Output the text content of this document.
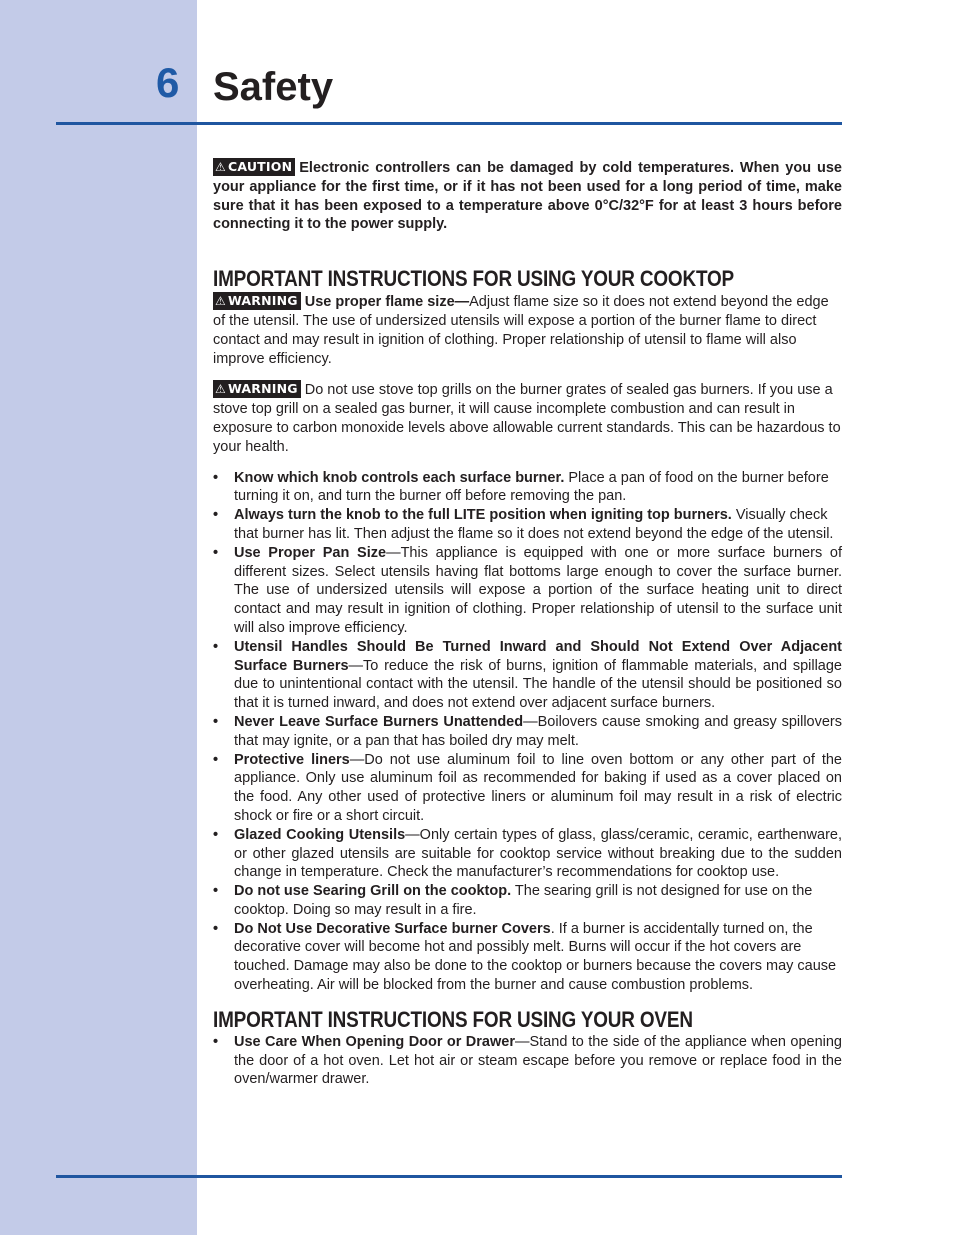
6 Safety

⚠ CAUTION Electronic controllers can be damaged by cold temperatures. When you use your appliance for the first time, or if it has not been used for a long period of time, make sure that it has been exposed to a temperature above 0°C/32°F for at least 3 hours before connecting it to the power supply.

IMPORTANT INSTRUCTIONS FOR USING YOUR COOKTOP

⚠ WARNING Use proper flame size—Adjust flame size so it does not extend beyond the edge of the utensil. The use of undersized utensils will expose a portion of the burner flame to direct contact and may result in ignition of clothing. Proper relationship of utensil to flame will also improve efficiency.

⚠ WARNING Do not use stove top grills on the burner grates of sealed gas burners. If you use a stove top grill on a sealed gas burner, it will cause incomplete combustion and can result in exposure to carbon monoxide levels above allowable current standards. This can be hazardous to your health.

• Know which knob controls each surface burner. Place a pan of food on the burner before turning it on, and turn the burner off before removing the pan.
• Always turn the knob to the full LITE position when igniting top burners. Visually check that burner has lit. Then adjust the flame so it does not extend beyond the edge of the utensil.
• Use Proper Pan Size—This appliance is equipped with one or more surface burners of different sizes. Select utensils having flat bottoms large enough to cover the surface burner. The use of undersized utensils will expose a portion of the surface heating unit to direct contact and may result in ignition of clothing. Proper relationship of utensil to the surface unit will also improve efficiency.
• Utensil Handles Should Be Turned Inward and Should Not Extend Over Adjacent Surface Burners—To reduce the risk of burns, ignition of flammable materials, and spillage due to unintentional contact with the utensil. The handle of the utensil should be positioned so that it is turned inward, and does not extend over adjacent surface burners.
• Never Leave Surface Burners Unattended—Boilovers cause smoking and greasy spillovers that may ignite, or a pan that has boiled dry may melt.
• Protective liners—Do not use aluminum foil to line oven bottom or any other part of the appliance. Only use aluminum foil as recommended for baking if used as a cover placed on the food. Any other used of protective liners or aluminum foil may result in a risk of electric shock or fire or a short circuit.
• Glazed Cooking Utensils—Only certain types of glass, glass/ceramic, ceramic, earthenware, or other glazed utensils are suitable for cooktop service without breaking due to the sudden change in temperature. Check the manufacturer’s recommendations for cooktop use.
• Do not use Searing Grill on the cooktop. The searing grill is not designed for use on the cooktop. Doing so may result in a fire.
• Do Not Use Decorative Surface burner Covers. If a burner is accidentally turned on, the decorative cover will become hot and possibly melt. Burns will occur if the hot covers are touched. Damage may also be done to the cooktop or burners because the covers may cause overheating. Air will be blocked from the burner and cause combustion problems.
IMPORTANT INSTRUCTIONS FOR USING YOUR OVEN
• Use Care When Opening Door or Drawer—Stand to the side of the appliance when opening the door of a hot oven. Let hot air or steam escape before you remove or replace food in the oven/warmer drawer.
